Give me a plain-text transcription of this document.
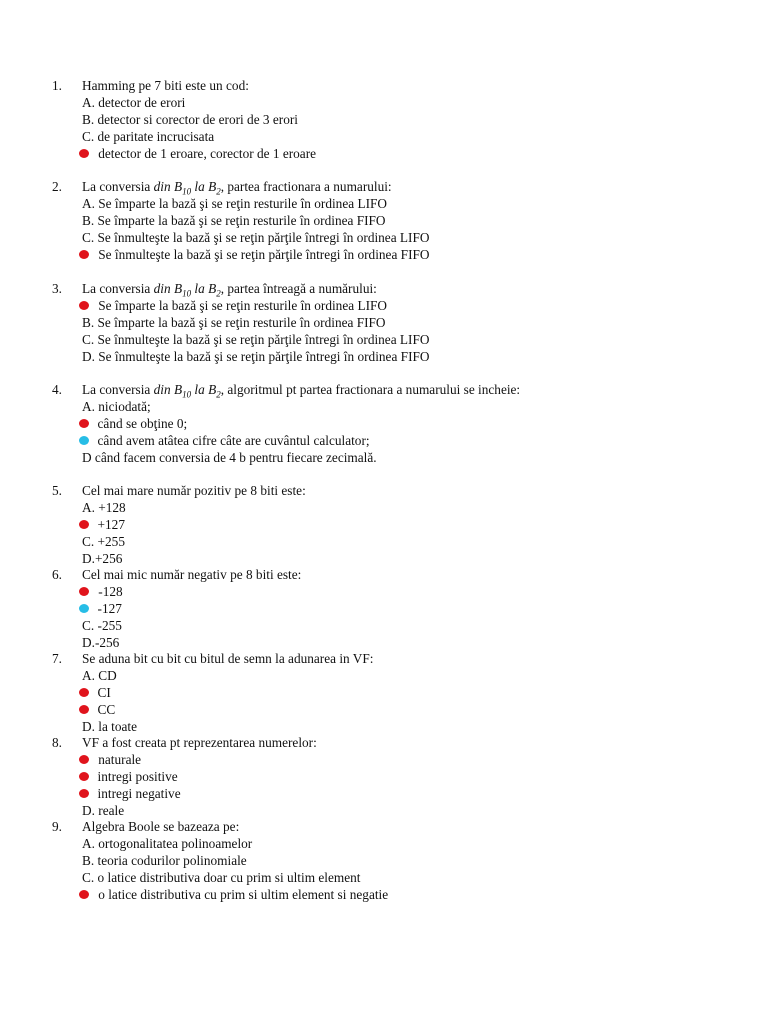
1. Hamming pe 7 biti este un cod:
A. detector de erori
B. detector si corector de erori de 3 erori
C. de paritate incrucisata
detector de 1 eroare, corector de 1 eroare
2. La conversia din $B_{10}$ la $B_2$, partea fractionara a numarului:
A. Se împarte la bază şi se reţin resturile în ordinea LIFO
B. Se împarte la bază şi se reţin resturile în ordinea FIFO
C. Se înmulteşte la bază şi se reţin părţile întregi în ordinea LIFO
Se înmulteşte la bază şi se reţin părţile întregi în ordinea FIFO
3. La conversia din $B_{10}$ la $B_2$, partea întreagă a numărului:
Se împarte la bază şi se reţin resturile în ordinea LIFO
B. Se împarte la bază şi se reţin resturile în ordinea FIFO
C. Se înmulteşte la bază şi se reţin părţile întregi în ordinea LIFO
D. Se înmulteşte la bază şi se reţin părţile întregi în ordinea FIFO
4. La conversia din $B_{10}$ la $B_2$, algoritmul pt partea fractionara a numarului se incheie:
A. niciodată;
când se obţine 0;
când avem atâtea cifre câte are cuvântul calculator;
D când facem conversia de 4 b pentru fiecare zecimală.
5. Cel mai mare număr pozitiv pe 8 biti este:
A. +128
+127
C. +255
D.+256
6. Cel mai mic număr negativ pe 8 biti este:
-128
-127
C. -255
D.-256
7. Se aduna bit cu bit cu bitul de semn la adunarea in VF:
A. CD
CI
CC
D. la toate
8. VF a fost creata pt reprezentarea numerelor:
naturale
intregi positive
intregi negative
D. reale
9. Algebra Boole se bazeaza pe:
A. ortogonalitatea polinoamelor
B. teoria codurilor polinomiale
C. o latice distributiva doar cu prim si ultim element
o latice distributiva cu prim si ultim element si negatie
